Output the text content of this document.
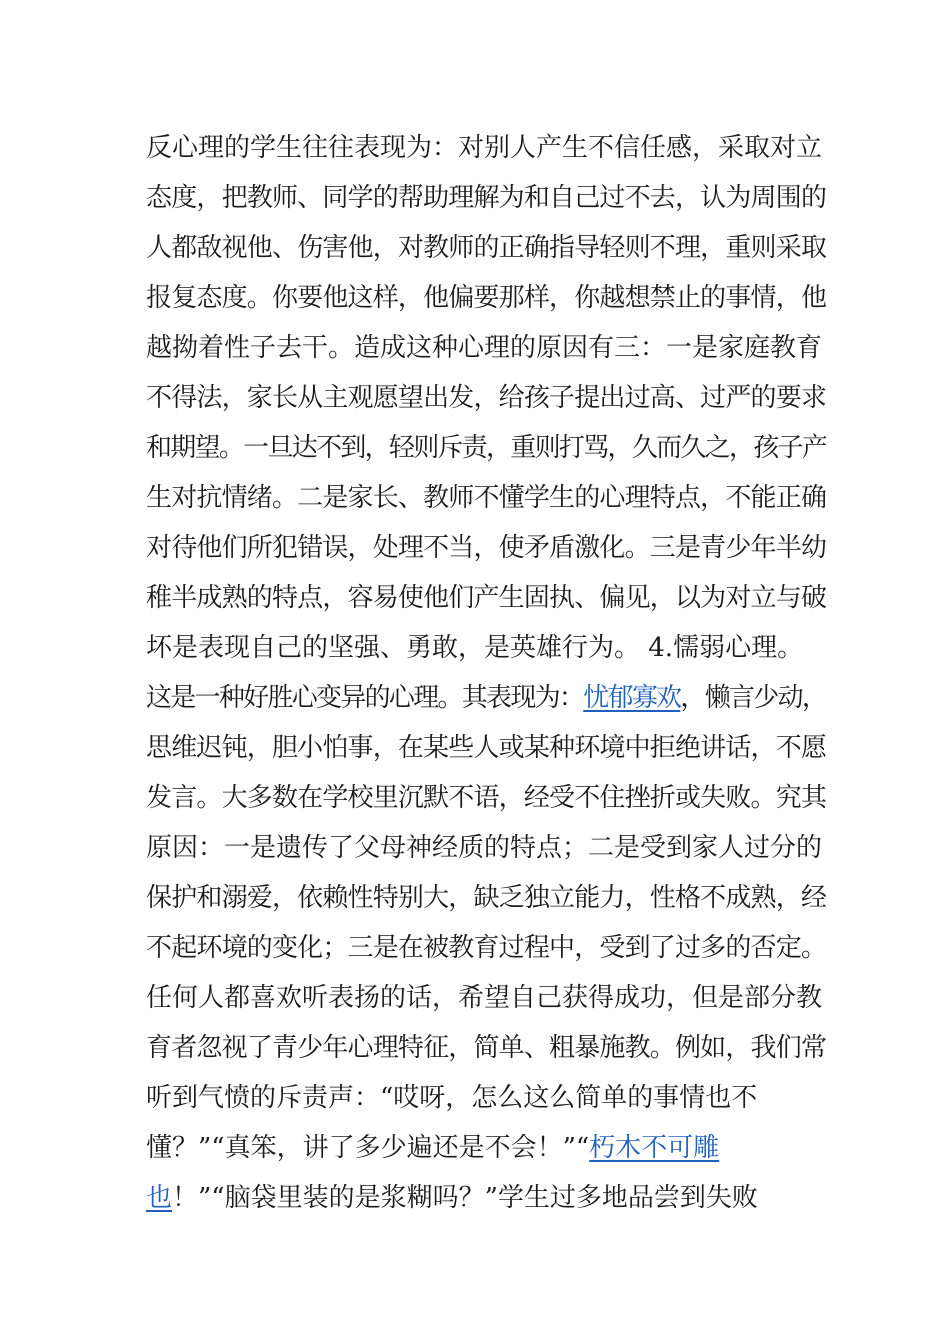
反心理的学生往往表现为：对别人产生不信任感，采取对立
态度，把教师、同学的帮助理解为和自己过不去，认为周围的
人都敌视他、伤害他，对教师的正确指导轻则不理，重则采取
报复态度。你要他这样，他偏要那样，你越想禁止的事情，他
越拗着性子去干。造成这种心理的原因有三：一是家庭教育
不得法，家长从主观愿望出发，给孩子提出过高、过严的要求
和期望。一旦达不到，轻则斥责，重则打骂，久而久之，孩子产
生对抗情绪。二是家长、教师不懂学生的心理特点，不能正确
对待他们所犯错误，处理不当，使矛盾激化。三是青少年半幼
稚半成熟的特点，容易使他们产生固执、偏见，以为对立与破
坏是表现自己的坚强、勇敢，是英雄行为。 4.懦弱心理。
这是一种好胜心变异的心理。其表现为：忧郁寡欢，懒言少动，
思维迟钝，胆小怕事，在某些人或某种环境中拒绝讲话，不愿
发言。大多数在学校里沉默不语，经受不住挫折或失败。究其
原因：一是遗传了父母神经质的特点；二是受到家人过分的
保护和溺爱，依赖性特别大，缺乏独立能力，性格不成熟，经
不起环境的变化；三是在被教育过程中，受到了过多的否定。
任何人都喜欢听表扬的话，希望自己获得成功，但是部分教
育者忽视了青少年心理特征，简单、粗暴施教。例如，我们常
听到气愤的斥责声：“哎呀，怎么这么简单的事情也不
懂？”“真笨，讲了多少遍还是不会！”“朽木不可雕
也！”“脑袋里装的是浆糊吗？”学生过多地品尝到失败
